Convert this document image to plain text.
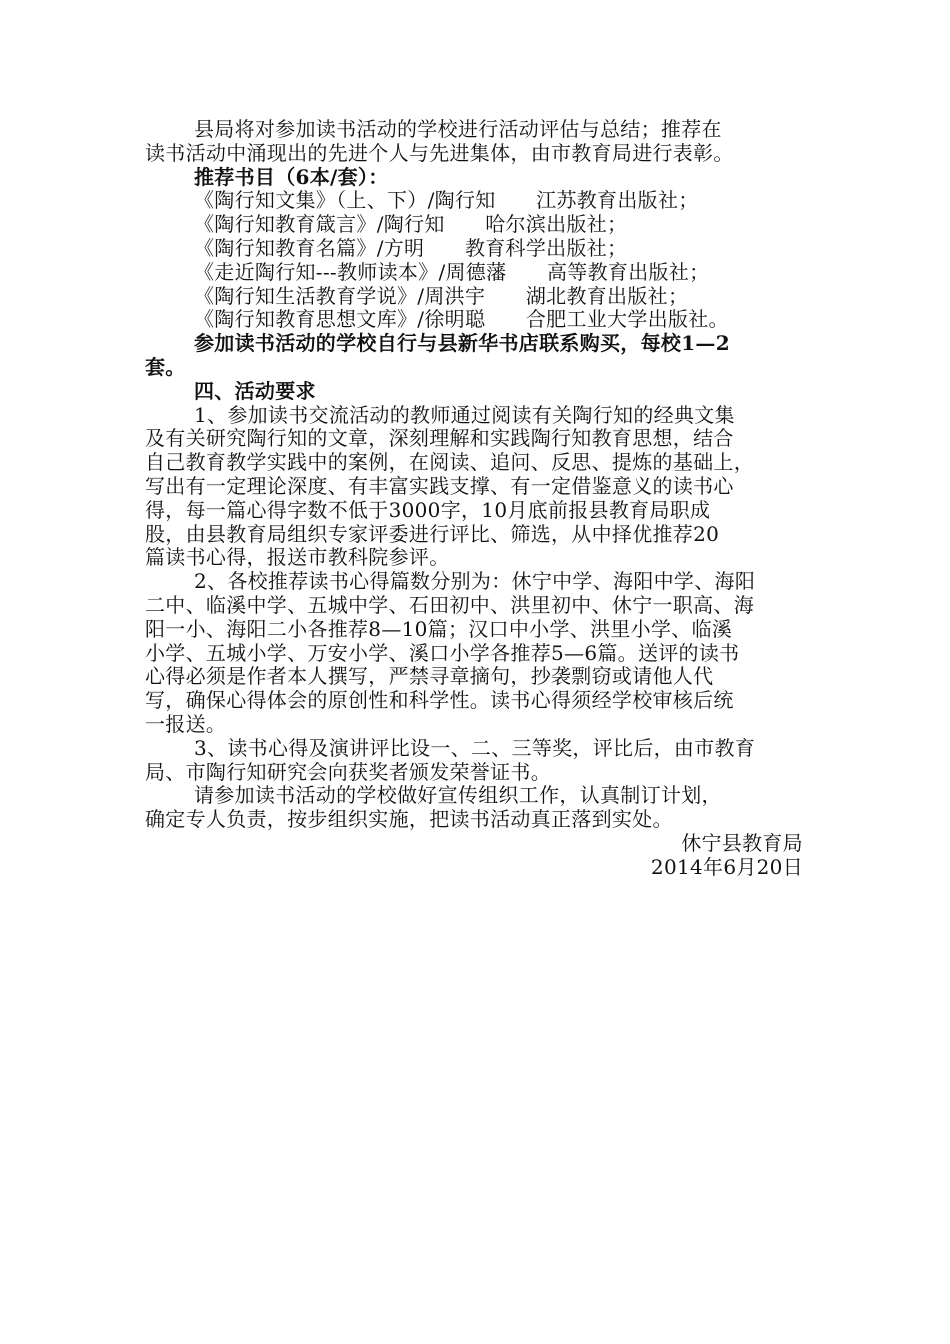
县局将对参加读书活动的学校进行活动评估与总结；推荐在
读书活动中涌现出的先进个人与先进集体，由市教育局进行表彰。
推荐书目（6本/套）：
《陶行知文集》（上、下）/陶行知　　江苏教育出版社；
《陶行知教育箴言》/陶行知　　哈尔滨出版社；
《陶行知教育名篇》/方明　　教育科学出版社；
《走近陶行知---教师读本》/周德藩　　高等教育出版社；
《陶行知生活教育学说》/周洪宇　　湖北教育出版社；
《陶行知教育思想文库》/徐明聪　　合肥工业大学出版社。
参加读书活动的学校自行与县新华书店联系购买，每校1—2
套。
四、活动要求
1、参加读书交流活动的教师通过阅读有关陶行知的经典文集
及有关研究陶行知的文章，深刻理解和实践陶行知教育思想，结合
自己教育教学实践中的案例，在阅读、追问、反思、提炼的基础上，
写出有一定理论深度、有丰富实践支撑、有一定借鉴意义的读书心
得，每一篇心得字数不低于3000字，10月底前报县教育局职成
股，由县教育局组织专家评委进行评比、筛选，从中择优推荐20
篇读书心得，报送市教科院参评。
2、各校推荐读书心得篇数分别为：休宁中学、海阳中学、海阳
二中、临溪中学、五城中学、石田初中、洪里初中、休宁一职高、海
阳一小、海阳二小各推荐8—10篇；汉口中小学、洪里小学、临溪
小学、五城小学、万安小学、溪口小学各推荐5—6篇。送评的读书
心得必须是作者本人撰写，严禁寻章摘句，抄袭剽窃或请他人代
写，确保心得体会的原创性和科学性。读书心得须经学校审核后统
一报送。
3、读书心得及演讲评比设一、二、三等奖，评比后，由市教育
局、市陶行知研究会向获奖者颁发荣誉证书。
请参加读书活动的学校做好宣传组织工作，认真制订计划，
确定专人负责，按步组织实施，把读书活动真正落到实处。
休宁县教育局
2014年6月20日
